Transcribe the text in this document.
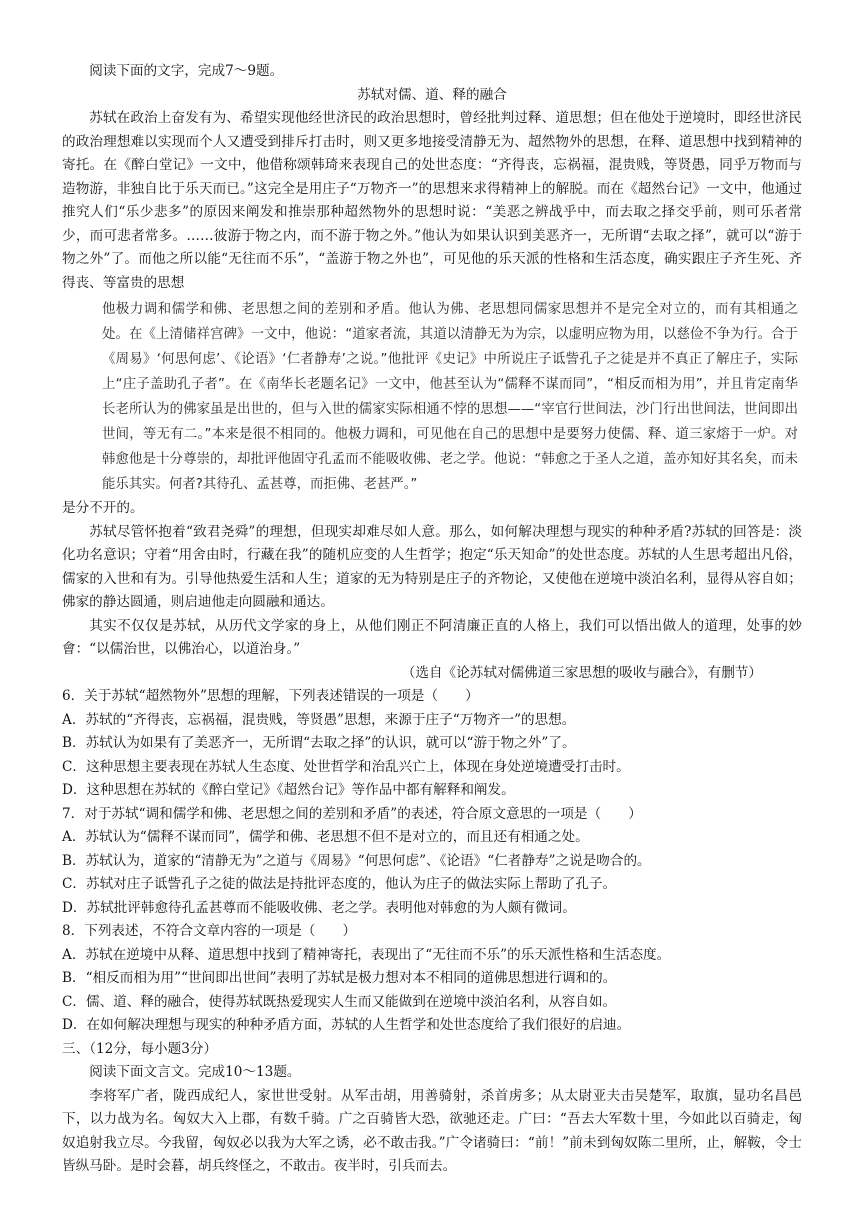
阅读下面的文字，完成7～9题。

苏轼对儒、道、释的融合

苏轼在政治上奋发有为、希望实现他经世济民的政治思想时，曾经批判过释、道思想；但在他处于逆境时，即经世济民的政治理想难以实现而个人又遭受到排斥打击时，则又更多地接受清静无为、超然物外的思想，在释、道思想中找到精神的寄托。在《醉白堂记》一文中，他借称颂韩琦来表现自己的处世态度：“齐得丧，忘祸福，混贵贱，等贤愚，同乎万物而与造物游，非独自比于乐天而已。”这完全是用庄子“万物齐一”的思想来求得精神上的解脱。而在《超然台记》一文中，他通过推究人们“乐少悲多”的原因来阐发和推崇那种超然物外的思想时说：“美恶之辨战乎中，而去取之择交乎前，则可乐者常少，而可悲者常多。……彼游于物之内，而不游于物之外。”他认为如果认识到美恶齐一，无所谓“去取之择”，就可以“游于物之外”了。而他之所以能“无往而不乐”，“盖游于物之外也”，可见他的乐天派的性格和生活态度，确实跟庄子齐生死、齐得丧、等富贵的思想

他极力调和儒学和佛、老思想之间的差别和矛盾。他认为佛、老思想同儒家思想并不是完全对立的，而有其相通之处。在《上清储祥宫碑》一文中，他说：“道家者流，其道以清静无为为宗，以虚明应物为用，以慈俭不争为行。合于《周易》‘何思何虑’、《论语》‘仁者静寿’之说。”他批评《史记》中所说庄子诋訾孔子之徒是并不真正了解庄子，实际上“庄子盖助孔子者”。在《南华长老题名记》一文中，他甚至认为“儒释不谋而同”，“相反而相为用”，并且肯定南华长老所认为的佛家虽是出世的，但与入世的儒家实际相通不悖的思想——“宰官行世间法，沙门行出世间法，世间即出世间，等无有二。”本来是很不相同的。他极力调和，可见他在自己的思想中是要努力使儒、释、道三家熔于一炉。对韩愈他是十分尊崇的，却批评他固守孔孟而不能吸收佛、老之学。他说：“韩愈之于圣人之道，盖亦知好其名矣，而未能乐其实。何者?其待孔、孟甚尊，而拒佛、老甚严。”

是分不开的。

苏轼尽管怀抱着“致君尧舜”的理想，但现实却难尽如人意。那么，如何解决理想与现实的种种矛盾?苏轼的回答是：淡化功名意识；守着“用舍由时，行藏在我”的随机应变的人生哲学；抱定“乐天知命”的处世态度。苏轼的人生思考超出凡俗，儒家的入世和有为。引导他热爱生活和人生；道家的无为特别是庄子的齐物论，又使他在逆境中淡泊名利，显得从容自如；佛家的静达圆通，则启迪他走向圆融和通达。

其实不仅仅是苏轼，从历代文学家的身上，从他们刚正不阿清廉正直的人格上，我们可以悟出做人的道理，处事的妙會：“以儒治世，以佛治心，以道治身。”

（选自《论苏轼对儒佛道三家思想的吸收与融合》，有删节）

6．关于苏轼“超然物外”思想的理解，下列表述错误的一项是（　　）

A．苏轼的“齐得丧，忘祸福，混贵贱，等贤愚”思想，来源于庄子“万物齐一”的思想。

B．苏轼认为如果有了美恶齐一，无所谓“去取之择”的认识，就可以“游于物之外”了。

C．这种思想主要表现在苏轼人生态度、处世哲学和治乱兴亡上，体现在身处逆境遭受打击时。

D．这种思想在苏轼的《醉白堂记》《超然台记》等作品中都有解释和阐发。

7．对于苏轼“调和儒学和佛、老思想之间的差别和矛盾”的表述，符合原文意思的一项是（　　）

A．苏轼认为“儒释不谋而同”，儒学和佛、老思想不但不是对立的，而且还有相通之处。

B．苏轼认为，道家的“清静无为”之道与《周易》“何思何虑”、《论语》“仁者静寿”之说是吻合的。

C．苏轼对庄子诋訾孔子之徒的做法是持批评态度的，他认为庄子的做法实际上帮助了孔子。

D．苏轼批评韩愈待孔孟甚尊而不能吸收佛、老之学。表明他对韩愈的为人颇有微词。

8．下列表述，不符合文章内容的一项是（　　）

A．苏轼在逆境中从释、道思想中找到了精神寄托，表现出了“无往而不乐”的乐天派性格和生活态度。

B．“相反而相为用”“世间即出世间”表明了苏轼是极力想对本不相同的道佛思想进行调和的。

C．儒、道、释的融合，使得苏轼既热爱现实人生而又能做到在逆境中淡泊名利，从容自如。

D．在如何解决理想与现实的种种矛盾方面，苏轼的人生哲学和处世态度给了我们很好的启迪。

三、（12分，每小题3分）

阅读下面文言文。完成10～13题。

李将军广者，陇西成纪人，家世世受射。从军击胡，用善骑射，杀首虏多；从太尉亚夫击吴楚军，取旗，显功名昌邑下，以力战为名。匈奴大入上郡，有数千骑。广之百骑皆大恐，欲驰还走。广曰：“吾去大军数十里，今如此以百骑走，匈奴追射我立尽。今我留，匈奴必以我为大军之诱，必不敢击我。”广令诸骑曰：“前！”前未到匈奴陈二里所，止，解鞍，令士皆纵马卧。是时会暮，胡兵终怪之，不敢击。夜半时，引兵而去。
